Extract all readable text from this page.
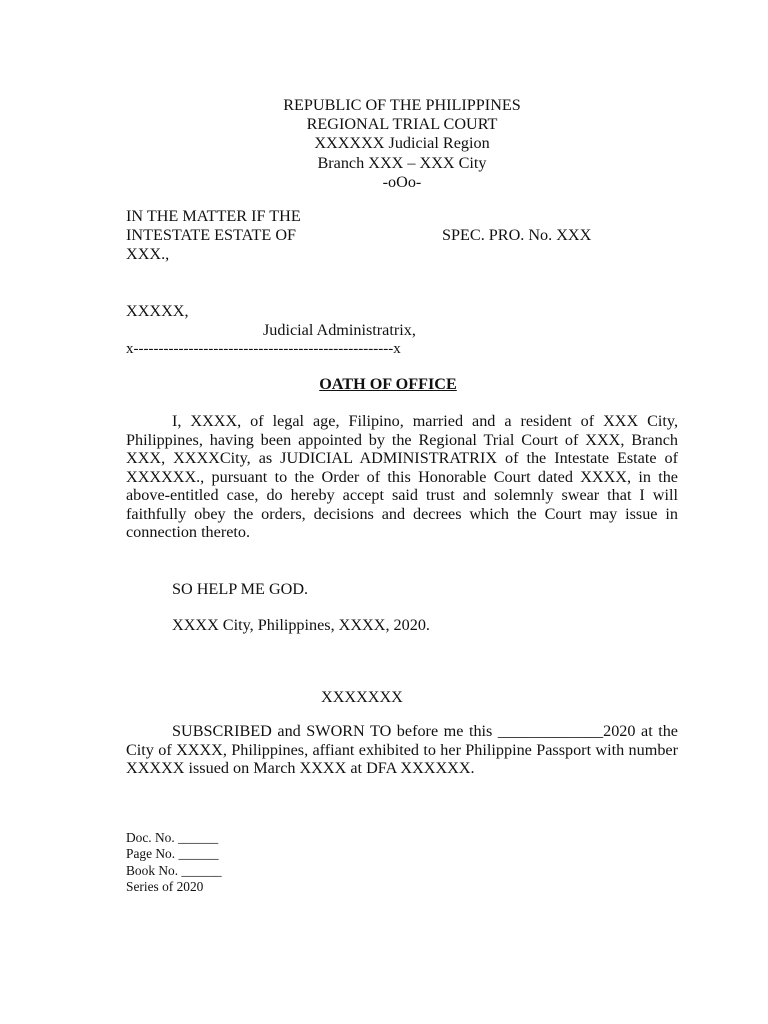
REPUBLIC OF THE PHILIPPINES
REGIONAL TRIAL COURT
XXXXXX Judicial Region
Branch XXX – XXX City
-oOo-
IN THE MATTER IF THE
INTESTATE ESTATE OF
XXX.,
SPEC. PRO. No. XXX
XXXXX,
Judicial Administratrix,
x----------------------------------------------------x
OATH OF OFFICE
I, XXXX, of legal age, Filipino, married and a resident of XXX City, Philippines, having been appointed by the Regional Trial Court of XXX, Branch XXX, XXXXCity, as JUDICIAL ADMINISTRATRIX of the Intestate Estate of XXXXXX., pursuant to the Order of this Honorable Court dated XXXX, in the above-entitled case, do hereby accept said trust and solemnly swear that I will faithfully obey the orders, decisions and decrees which the Court may issue in connection thereto.
SO HELP ME GOD.
XXXX City, Philippines, XXXX, 2020.
XXXXXXX
SUBSCRIBED and SWORN TO before me this _____________2020 at the City of XXXX, Philippines, affiant exhibited to her Philippine Passport with number XXXXX issued on March XXXX at DFA XXXXXX.
Doc. No. ______
Page No. ______
Book No. ______
Series of 2020
